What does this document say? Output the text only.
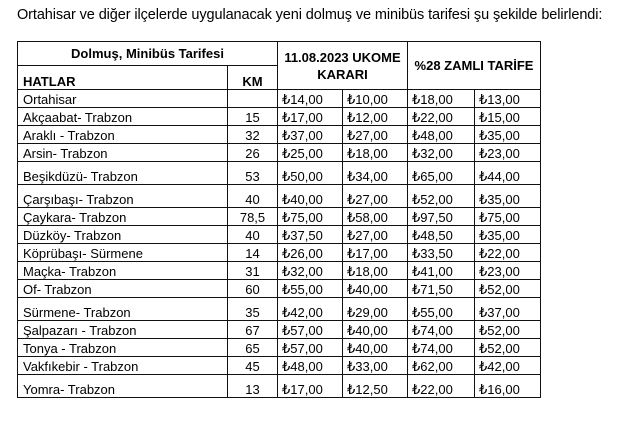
Ortahisar ve diğer ilçelerde uygulanacak yeni dolmuş ve minibüs tarifesi şu şekilde belirlendi:
Dolmuş, Minibüs Tarifesi		11.08.2023 UKOME KARARI		%28 ZAMLI TARİFE	
HATLAR	KM				
Ortahisar		₺14,00	₺10,00	₺18,00	₺13,00
Akçaabat- Trabzon	15	₺17,00	₺12,00	₺22,00	₺15,00
Araklı - Trabzon	32	₺37,00	₺27,00	₺48,00	₺35,00
Arsin- Trabzon	26	₺25,00	₺18,00	₺32,00	₺23,00
Beşikdüzü- Trabzon	53	₺50,00	₺34,00	₺65,00	₺44,00
Çarşıbaşı- Trabzon	40	₺40,00	₺27,00	₺52,00	₺35,00
Çaykara- Trabzon	78,5	₺75,00	₺58,00	₺97,50	₺75,00
Düzköy- Trabzon	40	₺37,50	₺27,00	₺48,50	₺35,00
Köprübaşı- Sürmene	14	₺26,00	₺17,00	₺33,50	₺22,00
Maçka- Trabzon	31	₺32,00	₺18,00	₺41,00	₺23,00
Of- Trabzon	60	₺55,00	₺40,00	₺71,50	₺52,00
Sürmene- Trabzon	35	₺42,00	₺29,00	₺55,00	₺37,00
Şalpazarı - Trabzon	67	₺57,00	₺40,00	₺74,00	₺52,00
Tonya - Trabzon	65	₺57,00	₺40,00	₺74,00	₺52,00
Vakfıkebir - Trabzon	45	₺48,00	₺33,00	₺62,00	₺42,00
Yomra- Trabzon	13	₺17,00	₺12,50	₺22,00	₺16,00
